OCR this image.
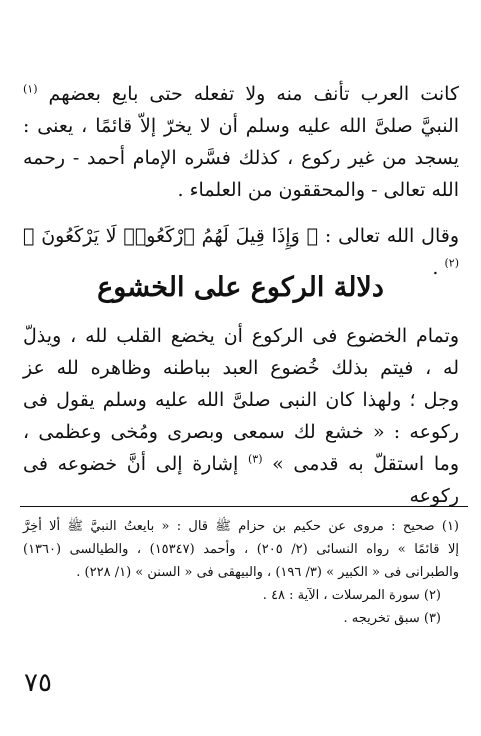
كانت العرب تأنف منه ولا تفعله حتى بايع بعضهم $^{(١)}$
النبيَّ صلىَّ الله عليه وسلم أن لا يخرّ إلاّ قائمًا ، يعنى :
يسجد من غير ركوع ، كذلك فسَّره الإمام أحمد - رحمه
الله تعالى - والمحققون من العلماء .
وقال الله تعالى : ﴿ وَإِذَا قِيلَ لَهُمُ ٱرْكَعُوا۟ لَا يَرْكَعُونَ ﴾ $^{(٢)}$ .
دلالة الركوع على الخشوع
وتمام الخضوع فى الركوع أن يخضع القلب لله ، ويذلّ
له ، فيتم بذلك خُضوع العبد بباطنه وظاهره لله عز
وجل ؛ ولهذا كان النبى صلىَّ الله عليه وسلم يقول فى
ركوعه : « خشع لك سمعى وبصرى ومُخى وعظمى ،
وما استقلّ به قدمى » $^{(٣)}$ إشارة إلى أنَّ خضوعه فى ركوعه
(١) صحيح : مروى عن حكيم بن حزام ﷺ قال : « بايعتُ النبيَّ ﷺ ألا أخِرَّ
إلا قائمًا » رواه النسائى (٢/ ٢٠٥) ، وأحمد (١٥٣٤٧) ، والطيالسى (١٣٦٠)
والطبرانى فى « الكبير » (٣/ ١٩٦) ، والبيهقى فى « السنن » (١/ ٢٢٨) .
(٢) سورة المرسلات ، الآية : ٤٨ .
(٣) سبق تخريجه .
٧٥
